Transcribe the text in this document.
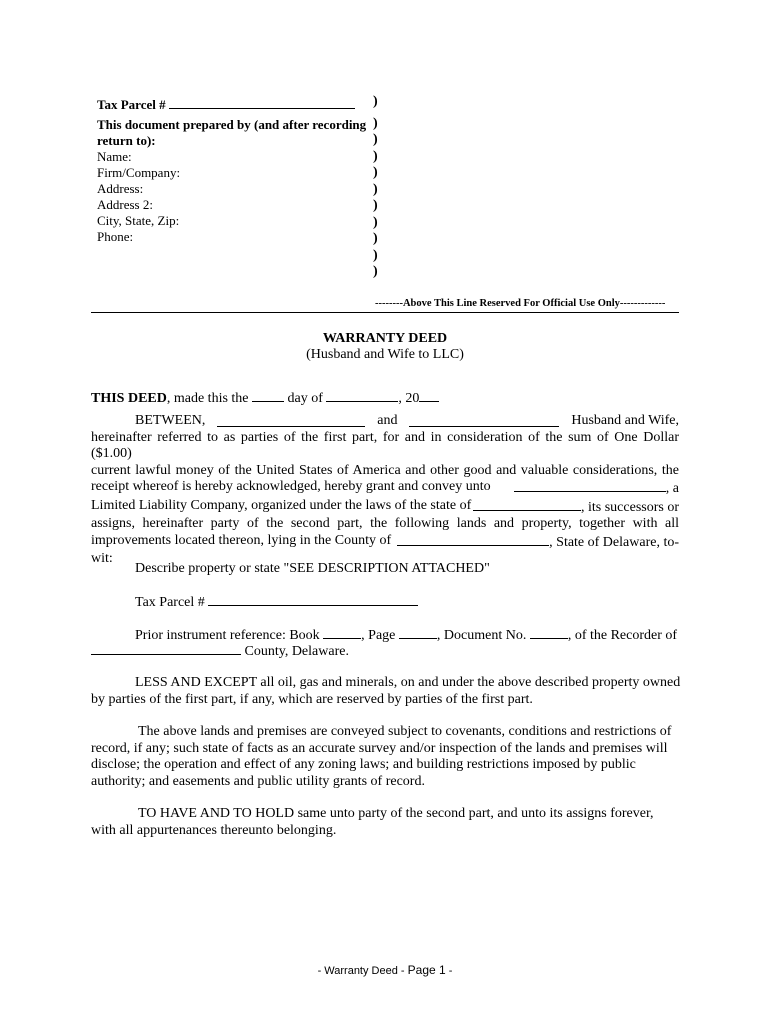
Tax Parcel #
This document prepared by (and after recording
return to):
Name:
Firm/Company:
Address:
Address 2:
City, State, Zip:
Phone:
)
)
)
)
)
)
)
)
)
)
)
--------Above This Line Reserved For Official Use Only-------------
WARRANTY DEED
(Husband and Wife to LLC)
THIS DEED, made this the	day of	, 20
BETWEEN,	and	Husband and Wife,
hereinafter referred to as parties of the first part, for and in consideration of the sum of One Dollar ($1.00)
current lawful money of the United States of America and other good and valuable considerations, the
receipt whereof is hereby acknowledged, hereby grant and convey unto	, a
Limited Liability Company, organized under the laws of the state of	, its successors or
assigns, hereinafter party of the second part, the following lands and property, together with all
improvements located thereon, lying in the County of	, State of Delaware, to-
wit:
Describe property or state "SEE DESCRIPTION ATTACHED"
Tax Parcel #
Prior instrument reference: Book	, Page	, Document No.	, of the Recorder of
County, Delaware.
LESS AND EXCEPT all oil, gas and minerals, on and under the above described property owned
by parties of the first part, if any, which are reserved by parties of the first part.
The above lands and premises are conveyed subject to covenants, conditions and restrictions of
record, if any; such state of facts as an accurate survey and/or inspection of the lands and premises will
disclose; the operation and effect of any zoning laws; and building restrictions imposed by public
authority; and easements and public utility grants of record.
TO HAVE AND TO HOLD same unto party of the second part, and unto its assigns forever,
with all appurtenances thereunto belonging.
- Warranty Deed - Page 1 -
